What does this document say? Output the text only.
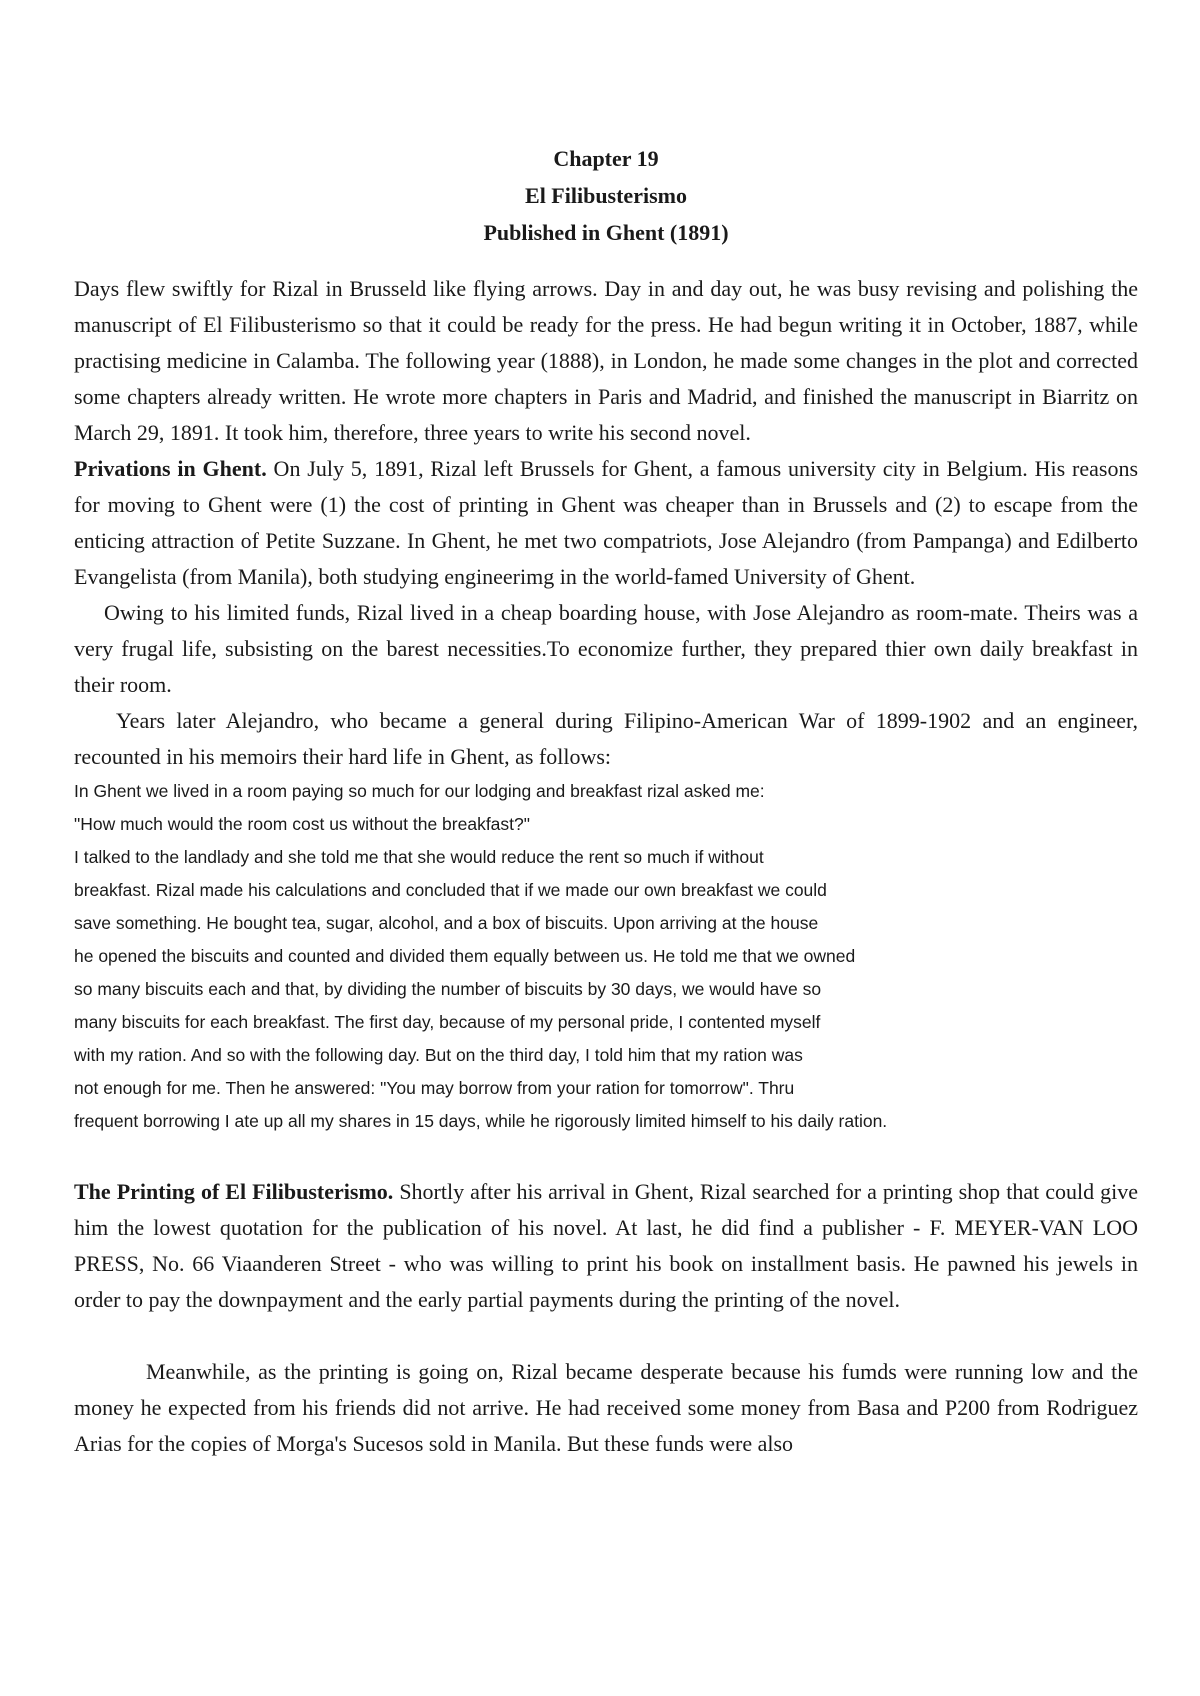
Chapter 19
El Filibusterismo
Published in Ghent (1891)

Days flew swiftly for Rizal in Brusseld like flying arrows. Day in and day out, he was busy revising and polishing the manuscript of El Filibusterismo so that it could be ready for the press. He had begun writing it in October, 1887, while practising medicine in Calamba. The following year (1888), in London, he made some changes in the plot and corrected some chapters already written. He wrote more chapters in Paris and Madrid, and finished the manuscript in Biarritz on March 29, 1891. It took him, therefore, three years to write his second novel.

Privations in Ghent. On July 5, 1891, Rizal left Brussels for Ghent, a famous university city in Belgium. His reasons for moving to Ghent were (1) the cost of printing in Ghent was cheaper than in Brussels and (2) to escape from the enticing attraction of Petite Suzzane. In Ghent, he met two compatriots, Jose Alejandro (from Pampanga) and Edilberto Evangelista (from Manila), both studying engineerimg in the world-famed University of Ghent.

Owing to his limited funds, Rizal lived in a cheap boarding house, with Jose Alejandro as room-mate. Theirs was a very frugal life, subsisting on the barest necessities.To economize further, they prepared thier own daily breakfast in their room.

Years later Alejandro, who became a general during Filipino-American War of 1899-1902 and an engineer, recounted in his memoirs their hard life in Ghent, as follows:

In Ghent we lived in a room paying so much for our lodging and breakfast rizal asked me:
"How much would the room cost us without the breakfast?"
I talked to the landlady and she told me that she would reduce the rent so much if without
breakfast. Rizal made his calculations and concluded that if we made our own breakfast we could
save something. He bought tea, sugar, alcohol, and a box of biscuits. Upon arriving at the house
he opened the biscuits and counted and divided them equally between us. He told me that we owned
so many biscuits each and that, by dividing the number of biscuits by 30 days, we would have so
many biscuits for each breakfast. The first day, because of my personal pride, I contented myself
with my ration. And so with the following day. But on the third day, I told him that my ration was
not enough for me. Then he answered: "You may borrow from your ration for tomorrow". Thru
frequent borrowing I ate up all my shares in 15 days, while he rigorously limited himself to his daily ration.

The Printing of El Filibusterismo. Shortly after his arrival in Ghent, Rizal searched for a printing shop that could give him the lowest quotation for the publication of his novel. At last, he did find a publisher - F. MEYER-VAN LOO PRESS, No. 66 Viaanderen Street - who was willing to print his book on installment basis. He pawned his jewels in order to pay the downpayment and the early partial payments during the printing of the novel.

Meanwhile, as the printing is going on, Rizal became desperate because his fumds were running low and the money he expected from his friends did not arrive. He had received some money from Basa and P200 from Rodriguez Arias for the copies of Morga's Sucesos sold in Manila. But these funds were also
